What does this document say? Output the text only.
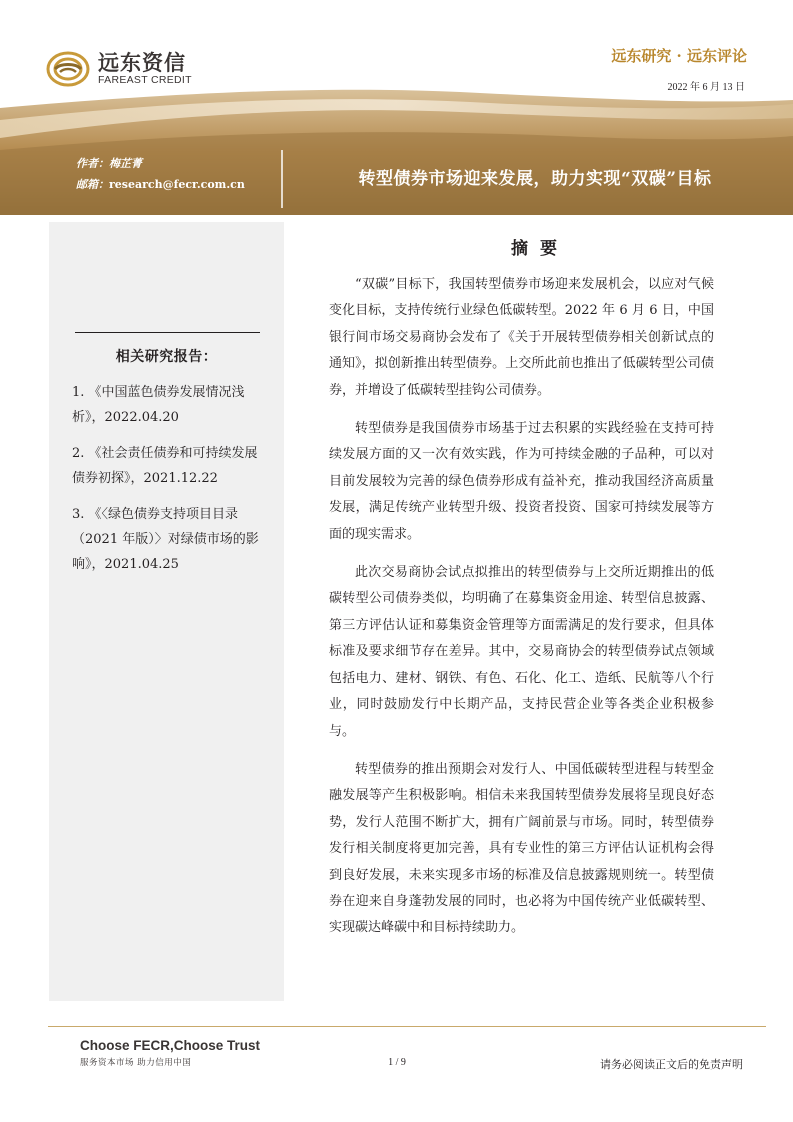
远东资信
FAREAST CREDIT
远东研究 · 远东评论
2022 年 6 月 13 日
作者：梅芷菁
邮箱：research@fecr.com.cn	转型债券市场迎来发展，助力实现“双碳”目标
相关研究报告：
1. 《中国蓝色债券发展情况浅析》，2022.04.20
2. 《社会责任债券和可持续发展债券初探》，2021.12.22
3. 《〈绿色债券支持项目目录（2021 年版）〉对绿债市场的影响》，2021.04.25
摘要

“双碳”目标下，我国转型债券市场迎来发展机会，以应对气候变化目标，支持传统行业绿色低碳转型。2022 年 6 月 6 日，中国银行间市场交易商协会发布了《关于开展转型债券相关创新试点的通知》，拟创新推出转型债券。上交所此前也推出了低碳转型公司债券，并增设了低碳转型挂钩公司债券。

转型债券是我国债券市场基于过去积累的实践经验在支持可持续发展方面的又一次有效实践，作为可持续金融的子品种，可以对目前发展较为完善的绿色债券形成有益补充，推动我国经济高质量发展，满足传统产业转型升级、投资者投资、国家可持续发展等方面的现实需求。

此次交易商协会试点拟推出的转型债券与上交所近期推出的低碳转型公司债券类似，均明确了在募集资金用途、转型信息披露、第三方评估认证和募集资金管理等方面需满足的发行要求，但具体标准及要求细节存在差异。其中，交易商协会的转型债券试点领域包括电力、建材、钢铁、有色、石化、化工、造纸、民航等八个行业，同时鼓励发行中长期产品，支持民营企业等各类企业积极参与。

转型债券的推出预期会对发行人、中国低碳转型进程与转型金融发展等产生积极影响。相信未来我国转型债券发展将呈现良好态势，发行人范围不断扩大，拥有广阔前景与市场。同时，转型债券发行相关制度将更加完善，具有专业性的第三方评估认证机构会得到良好发展，未来实现多市场的标准及信息披露规则统一。转型债券在迎来自身蓬勃发展的同时，也必将为中国传统产业低碳转型、实现碳达峰碳中和目标持续助力。

Choose FECR,Choose Trust
服务资本市场 助力信用中国	1 / 9	请务必阅读正文后的免责声明
